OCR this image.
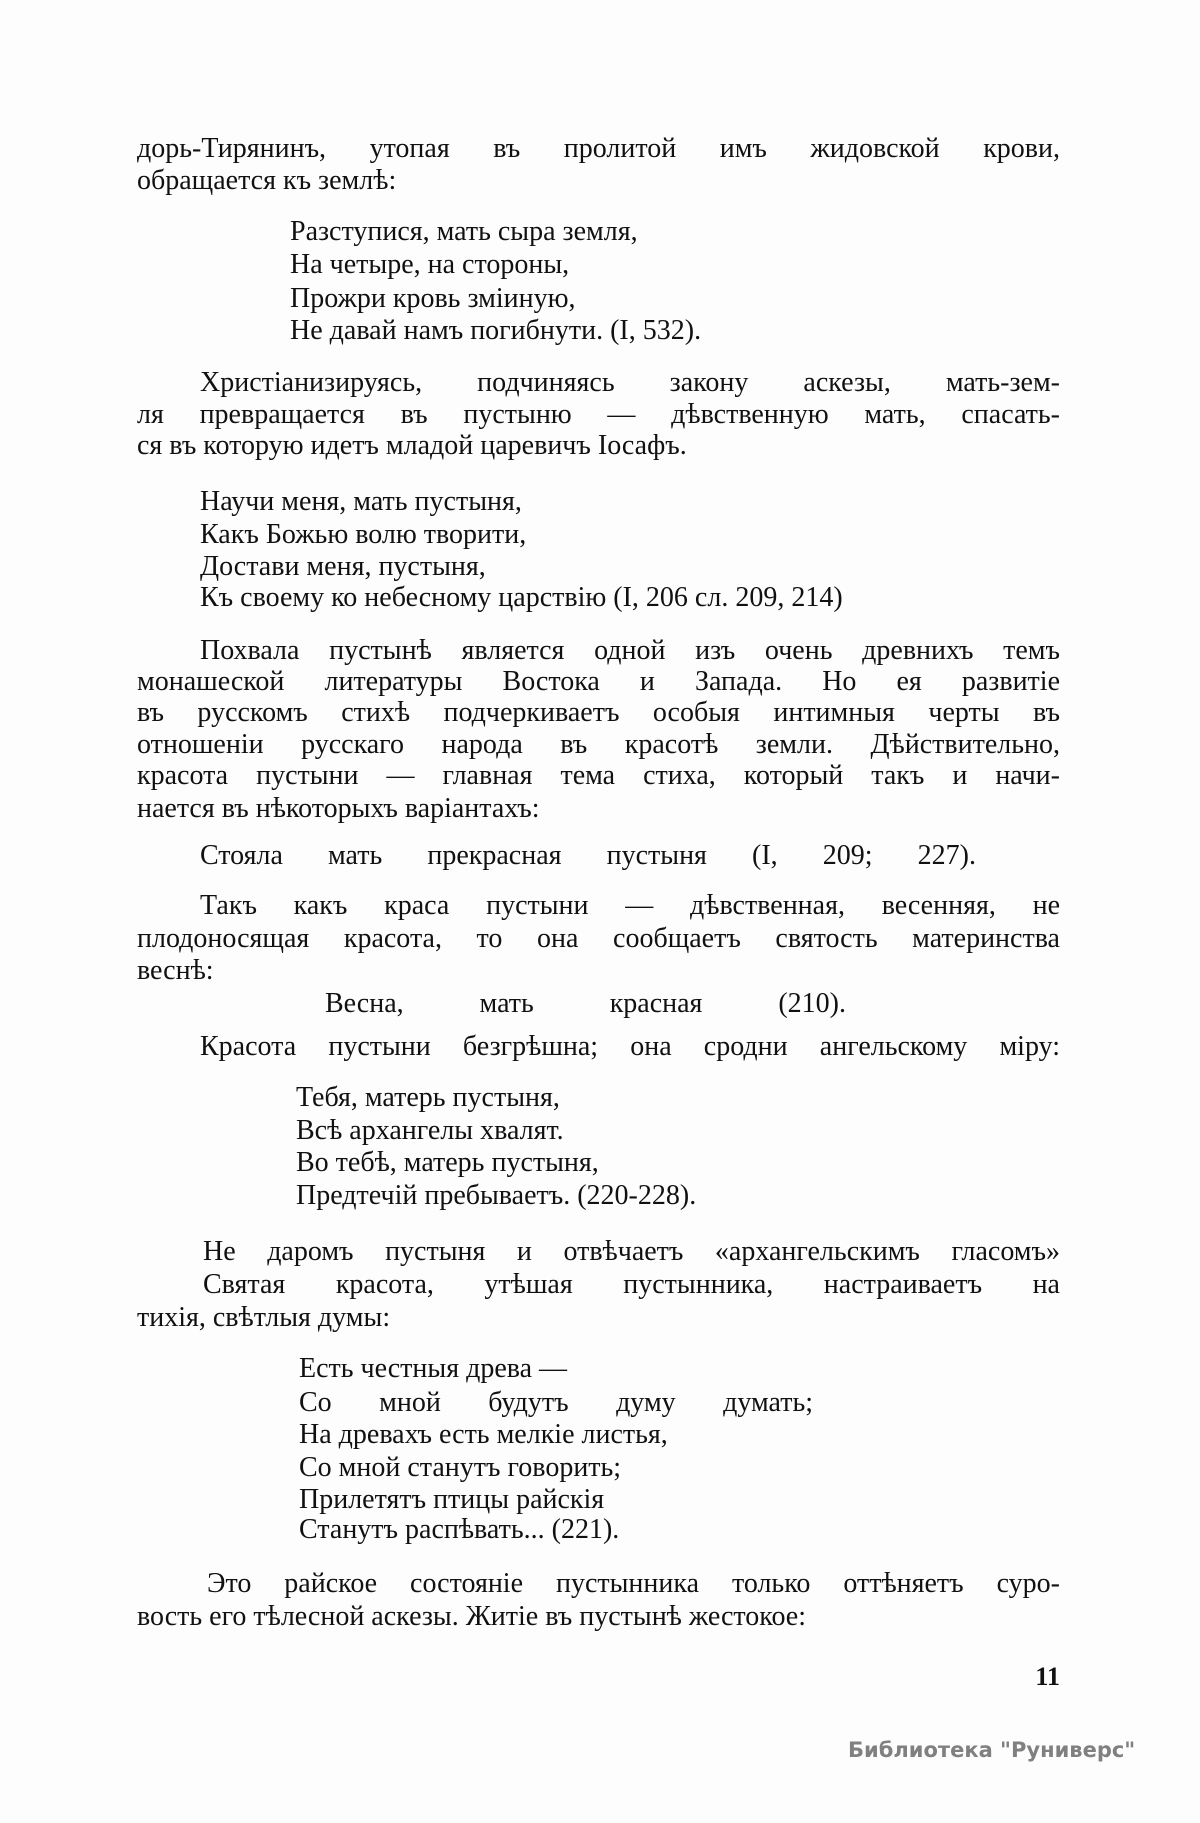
дорь-Тирянинъ, утопая въ пролитой имъ жидовской крови,
обращается къ землѣ:
Разступися, мать сыра земля,
На четыре, на стороны,
Прожри кровь зміиную,
Не давай намъ погибнути. (I, 532).
Христіанизируясь, подчиняясь закону аскезы, мать-зем-
ля превращается въ пустыню — дѣвственную мать, спасать-
ся въ которую идетъ младой царевичъ Іосафъ.
Научи меня, мать пустыня,
Какъ Божью волю творити,
Достави меня, пустыня,
Къ своему ко небесному царствію (I, 206 сл. 209, 214)
Похвала пустынѣ является одной изъ очень древнихъ темъ
монашеской литературы Востока и Запада. Но ея развитіе
въ русскомъ стихѣ подчеркиваетъ особыя интимныя черты въ
отношеніи русскаго народа въ красотѣ земли. Дѣйствительно,
красота пустыни — главная тема стиха, который такъ и начи-
нается въ нѣкоторыхъ варіантахъ:
Стояла мать прекрасная пустыня (I, 209; 227).
Такъ какъ краса пустыни — дѣвственная, весенняя, не
плодоносящая красота, то она сообщаетъ святость материнства
веснѣ:
Весна, мать красная (210).
Красота пустыни безгрѣшна; она сродни ангельскому міру:
Тебя, матерь пустыня,
Всѣ архангелы хвалят.
Во тебѣ, матерь пустыня,
Предтечій пребываетъ. (220-228).
Не даромъ пустыня и отвѣчаетъ «архангельскимъ гласомъ»
Святая красота, утѣшая пустынника, настраиваетъ на
тихія, свѣтлыя думы:
Есть честныя древа —
Со мной будутъ думу думать;
На древахъ есть мелкіе листья,
Со мной станутъ говорить;
Прилетятъ птицы райскія
Станутъ распѣвать... (221).
Это райское состояніе пустынника только оттѣняетъ суро-
вость его тѣлесной аскезы. Житіе въ пустынѣ жестокое:
11
Библиотека "Руниверс"
